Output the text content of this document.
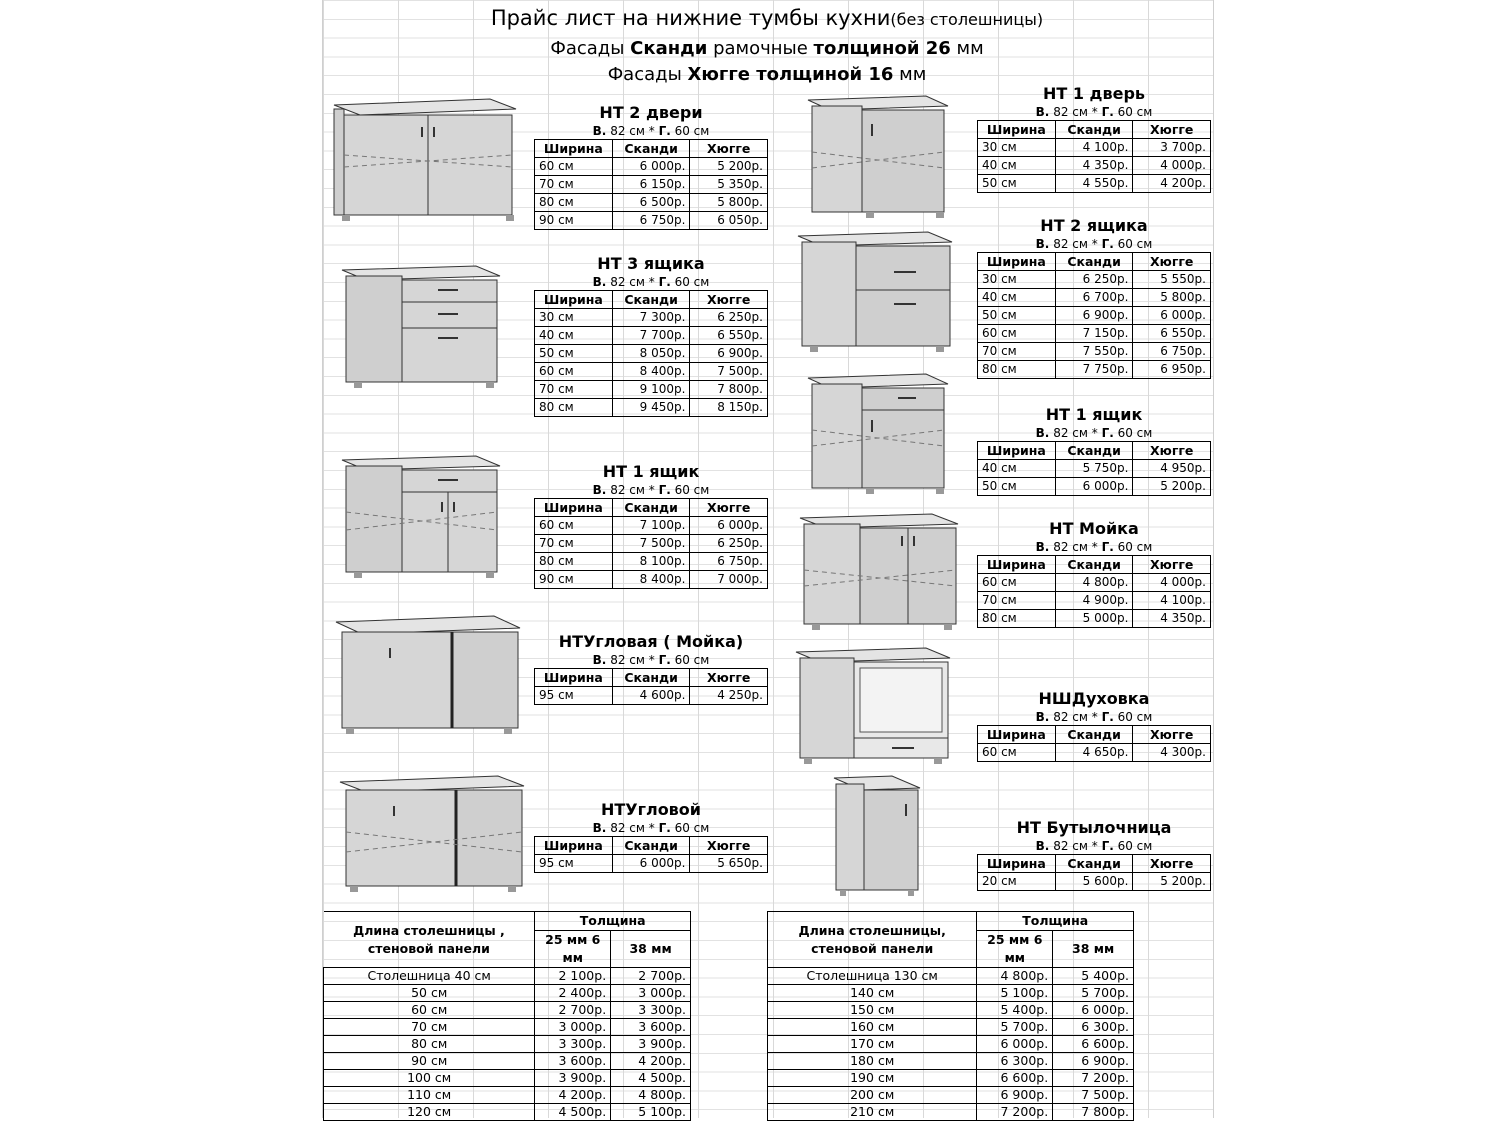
Прайс лист на нижние тумбы кухни(без столешницы)
Фасады Сканди рамочные толщиной 26 мм
Фасады Хюгге толщиной 16 мм
НТ 2 двери
В. 82 см * Г. 60 см
Ширина	Сканди	Хюгге
60 см	6 000р.	5 200р.
70 см	6 150р.	5 350р.
80 см	6 500р.	5 800р.
90 см	6 750р.	6 050р.
НТ 3 ящика
В. 82 см * Г. 60 см
Ширина	Сканди	Хюгге
30 см	7 300р.	6 250р.
40 см	7 700р.	6 550р.
50 см	8 050р.	6 900р.
60 см	8 400р.	7 500р.
70 см	9 100р.	7 800р.
80 см	9 450р.	8 150р.
НТ 1 ящик
В. 82 см * Г. 60 см
Ширина	Сканди	Хюгге
60 см	7 100р.	6 000р.
70 см	7 500р.	6 250р.
80 см	8 100р.	6 750р.
90 см	8 400р.	7 000р.
НТУгловая ( Мойка)
В. 82 см * Г. 60 см
Ширина	Сканди	Хюгге
95 см	4 600р.	4 250р.
НТУгловой
В. 82 см * Г. 60 см
Ширина	Сканди	Хюгге
95 см	6 000р.	5 650р.
НТ 1 дверь
В. 82 см * Г. 60 см
Ширина	Сканди	Хюгге
30 см	4 100р.	3 700р.
40 см	4 350р.	4 000р.
50 см	4 550р.	4 200р.
НТ 2 ящика
В. 82 см * Г. 60 см
Ширина	Сканди	Хюгге
30 см	6 250р.	5 550р.
40 см	6 700р.	5 800р.
50 см	6 900р.	6 000р.
60 см	7 150р.	6 550р.
70 см	7 550р.	6 750р.
80 см	7 750р.	6 950р.
НТ 1 ящик
В. 82 см * Г. 60 см
Ширина	Сканди	Хюгге
40 см	5 750р.	4 950р.
50 см	6 000р.	5 200р.
НТ Мойка
В. 82 см * Г. 60 см
Ширина	Сканди	Хюгге
60 см	4 800р.	4 000р.
70 см	4 900р.	4 100р.
80 см	5 000р.	4 350р.
НШДуховка
В. 82 см * Г. 60 см
Ширина	Сканди	Хюгге
60 см	4 650р.	4 300р.
НТ Бутылочница
В. 82 см * Г. 60 см
Ширина	Сканди	Хюгге
20 см	5 600р.	5 200р.
Длина столешницы , стеновой панели	Толщина	
	25 мм 6 мм	38 мм
Столешница 40 см	2 100р.	2 700р.
50 см	2 400р.	3 000р.
60 см	2 700р.	3 300р.
70 см	3 000р.	3 600р.
80 см	3 300р.	3 900р.
90 см	3 600р.	4 200р.
100 см	3 900р.	4 500р.
110 см	4 200р.	4 800р.
120 см	4 500р.	5 100р.
Длина столешницы, стеновой панели	Толщина	
	25 мм 6 мм	38 мм
Столешница 130 см	4 800р.	5 400р.
140 см	5 100р.	5 700р.
150 см	5 400р.	6 000р.
160 см	5 700р.	6 300р.
170 см	6 000р.	6 600р.
180 см	6 300р.	6 900р.
190 см	6 600р.	7 200р.
200 см	6 900р.	7 500р.
210 см	7 200р.	7 800р.
